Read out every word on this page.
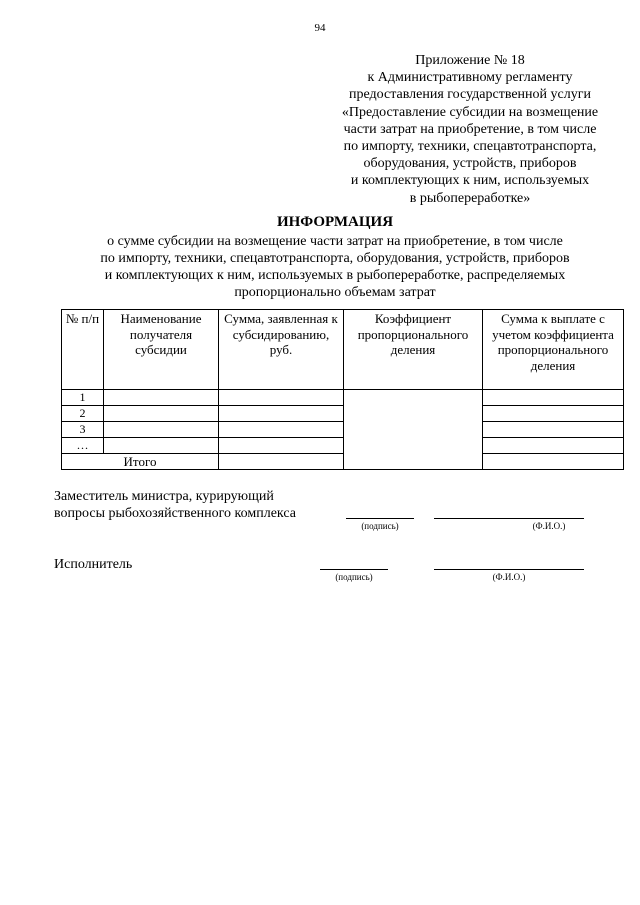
94
Приложение № 18
к Административному регламенту
предоставления государственной услуги
«Предоставление субсидии на возмещение
части затрат на приобретение, в том числе
по импорту, техники, спецавтотранспорта,
оборудования, устройств, приборов
и комплектующих к ним, используемых
в рыбопереработке»
ИНФОРМАЦИЯ
о сумме субсидии на возмещение части затрат на приобретение, в том числе
по импорту, техники, спецавтотранспорта, оборудования, устройств, приборов
и комплектующих к ним, используемых в рыбопереработке, распределяемых
пропорционально объемам затрат
№ п/п	Наименование получателя субсидии	Сумма, заявленная к субсидированию, руб.	Коэффициент пропорционального деления	Сумма к выплате с учетом коэффициента пропорционального деления
1				
2				
3				
…				
Итого				
Заместитель министра, курирующий
вопросы рыбохозяйственного комплекса
(подпись)	(Ф.И.О.)
Исполнитель
(подпись)	(Ф.И.О.)
